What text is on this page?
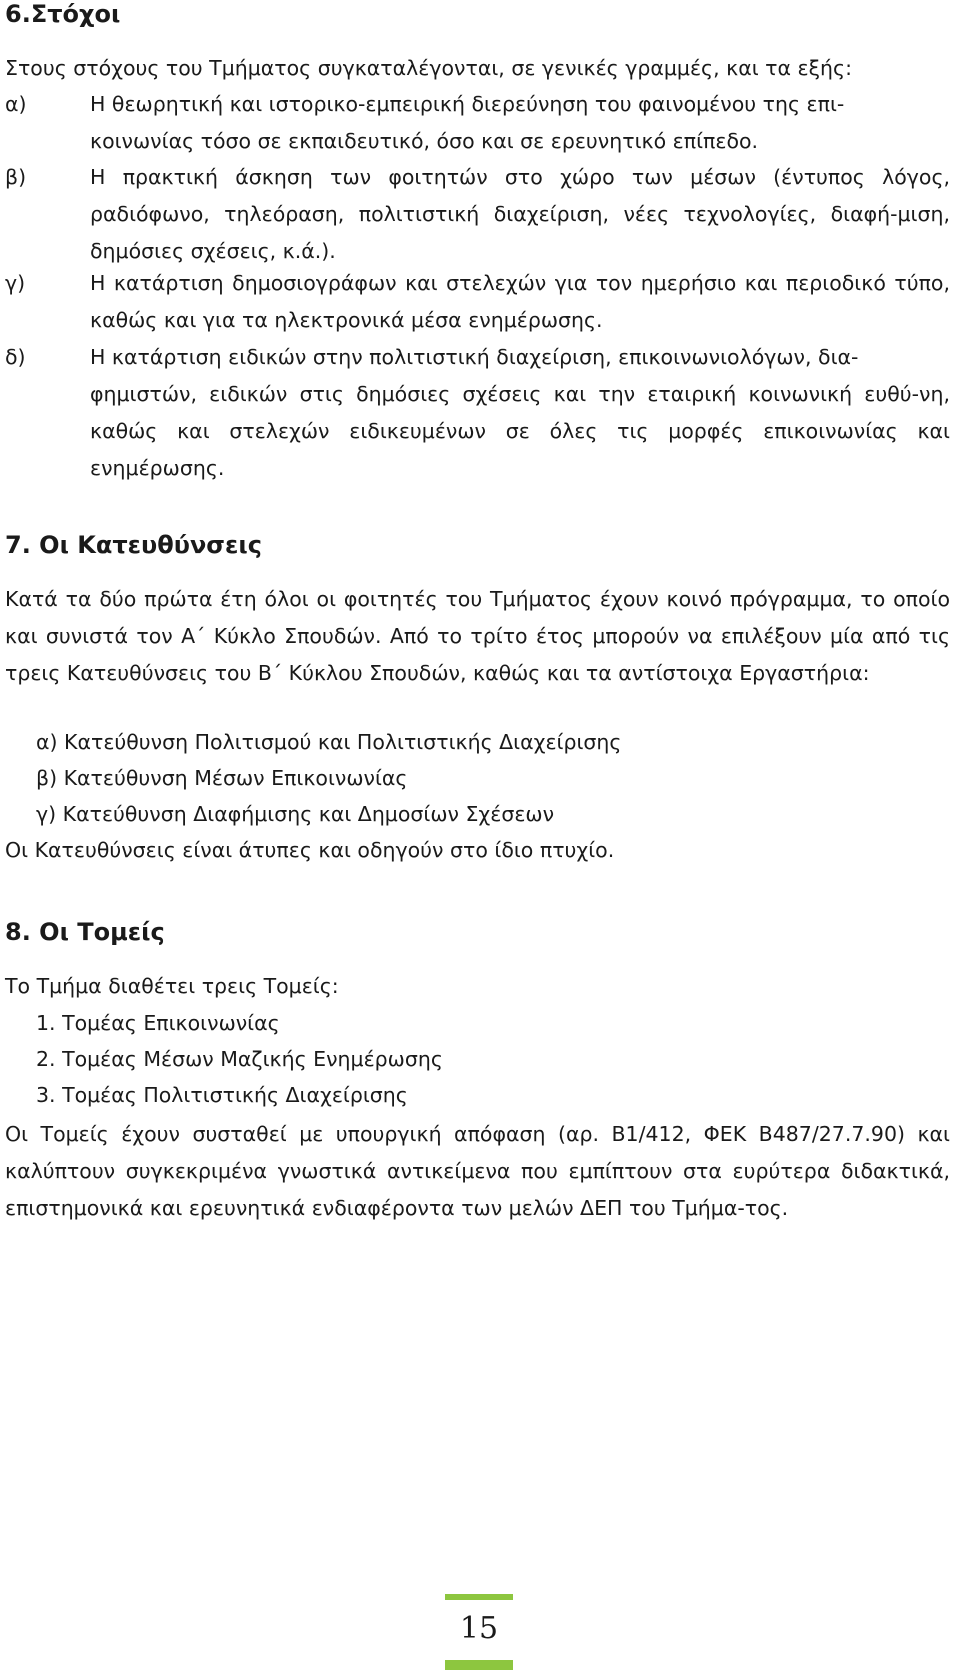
6.Στόχοι

Στους στόχους του Τμήματος συγκαταλέγονται, σε γενικές γραμμές, και τα εξής:

α)	Η θεωρητική και ιστορικο-εμπειρική διερεύνηση του φαινομένου της επι-

κοινωνίας τόσο σε εκπαιδευτικό, όσο και σε ερευνητικό επίπεδο.

β)	Η πρακτική άσκηση των φοιτητών στο χώρο των μέσων (έντυπος λόγος, ραδιόφωνο, τηλεόραση, πολιτιστική διαχείριση, νέες τεχνολογίες, διαφή-μιση, δημόσιες σχέσεις, κ.ά.).

γ)	Η κατάρτιση δημοσιογράφων και στελεχών για τον ημερήσιο και περιοδικό τύπο, καθώς και για τα ηλεκτρονικά μέσα ενημέρωσης.

δ)	Η κατάρτιση ειδικών στην πολιτιστική διαχείριση, επικοινωνιολόγων, δια-

φημιστών, ειδικών στις δημόσιες σχέσεις και την εταιρική κοινωνική ευθύ-νη, καθώς και στελεχών ειδικευμένων σε όλες τις μορφές επικοινωνίας και ενημέρωσης.

7. Οι Κατευθύνσεις

Κατά τα δύο πρώτα έτη όλοι οι φοιτητές του Τμήματος έχουν κοινό πρόγραμμα, το οποίο και συνιστά τον Α΄ Κύκλο Σπουδών. Από το τρίτο έτος μπορούν να επιλέξουν μία από τις τρεις Κατευθύνσεις του Β΄ Κύκλου Σπουδών, καθώς και τα αντίστοιχα Εργαστήρια:

α) Κατεύθυνση Πολιτισμού και Πολιτιστικής Διαχείρισης
β) Κατεύθυνση Μέσων Επικοινωνίας
γ) Κατεύθυνση Διαφήμισης και Δημοσίων Σχέσεων

Οι Κατευθύνσεις είναι άτυπες και οδηγούν στο ίδιο πτυχίο.

8. Οι Τομείς

Το Τμήμα διαθέτει τρεις Τομείς:

1. Τομέας Επικοινωνίας
2. Τομέας Μέσων Μαζικής Ενημέρωσης
3. Τομέας Πολιτιστικής Διαχείρισης

Οι Τομείς έχουν συσταθεί με υπουργική απόφαση (αρ. Β1/412, ΦΕΚ Β487/27.7.90) και καλύπτουν συγκεκριμένα γνωστικά αντικείμενα που εμπίπτουν στα ευρύτερα διδακτικά, επιστημονικά και ερευνητικά ενδιαφέροντα των μελών ΔΕΠ του Τμήμα-τος.

15
